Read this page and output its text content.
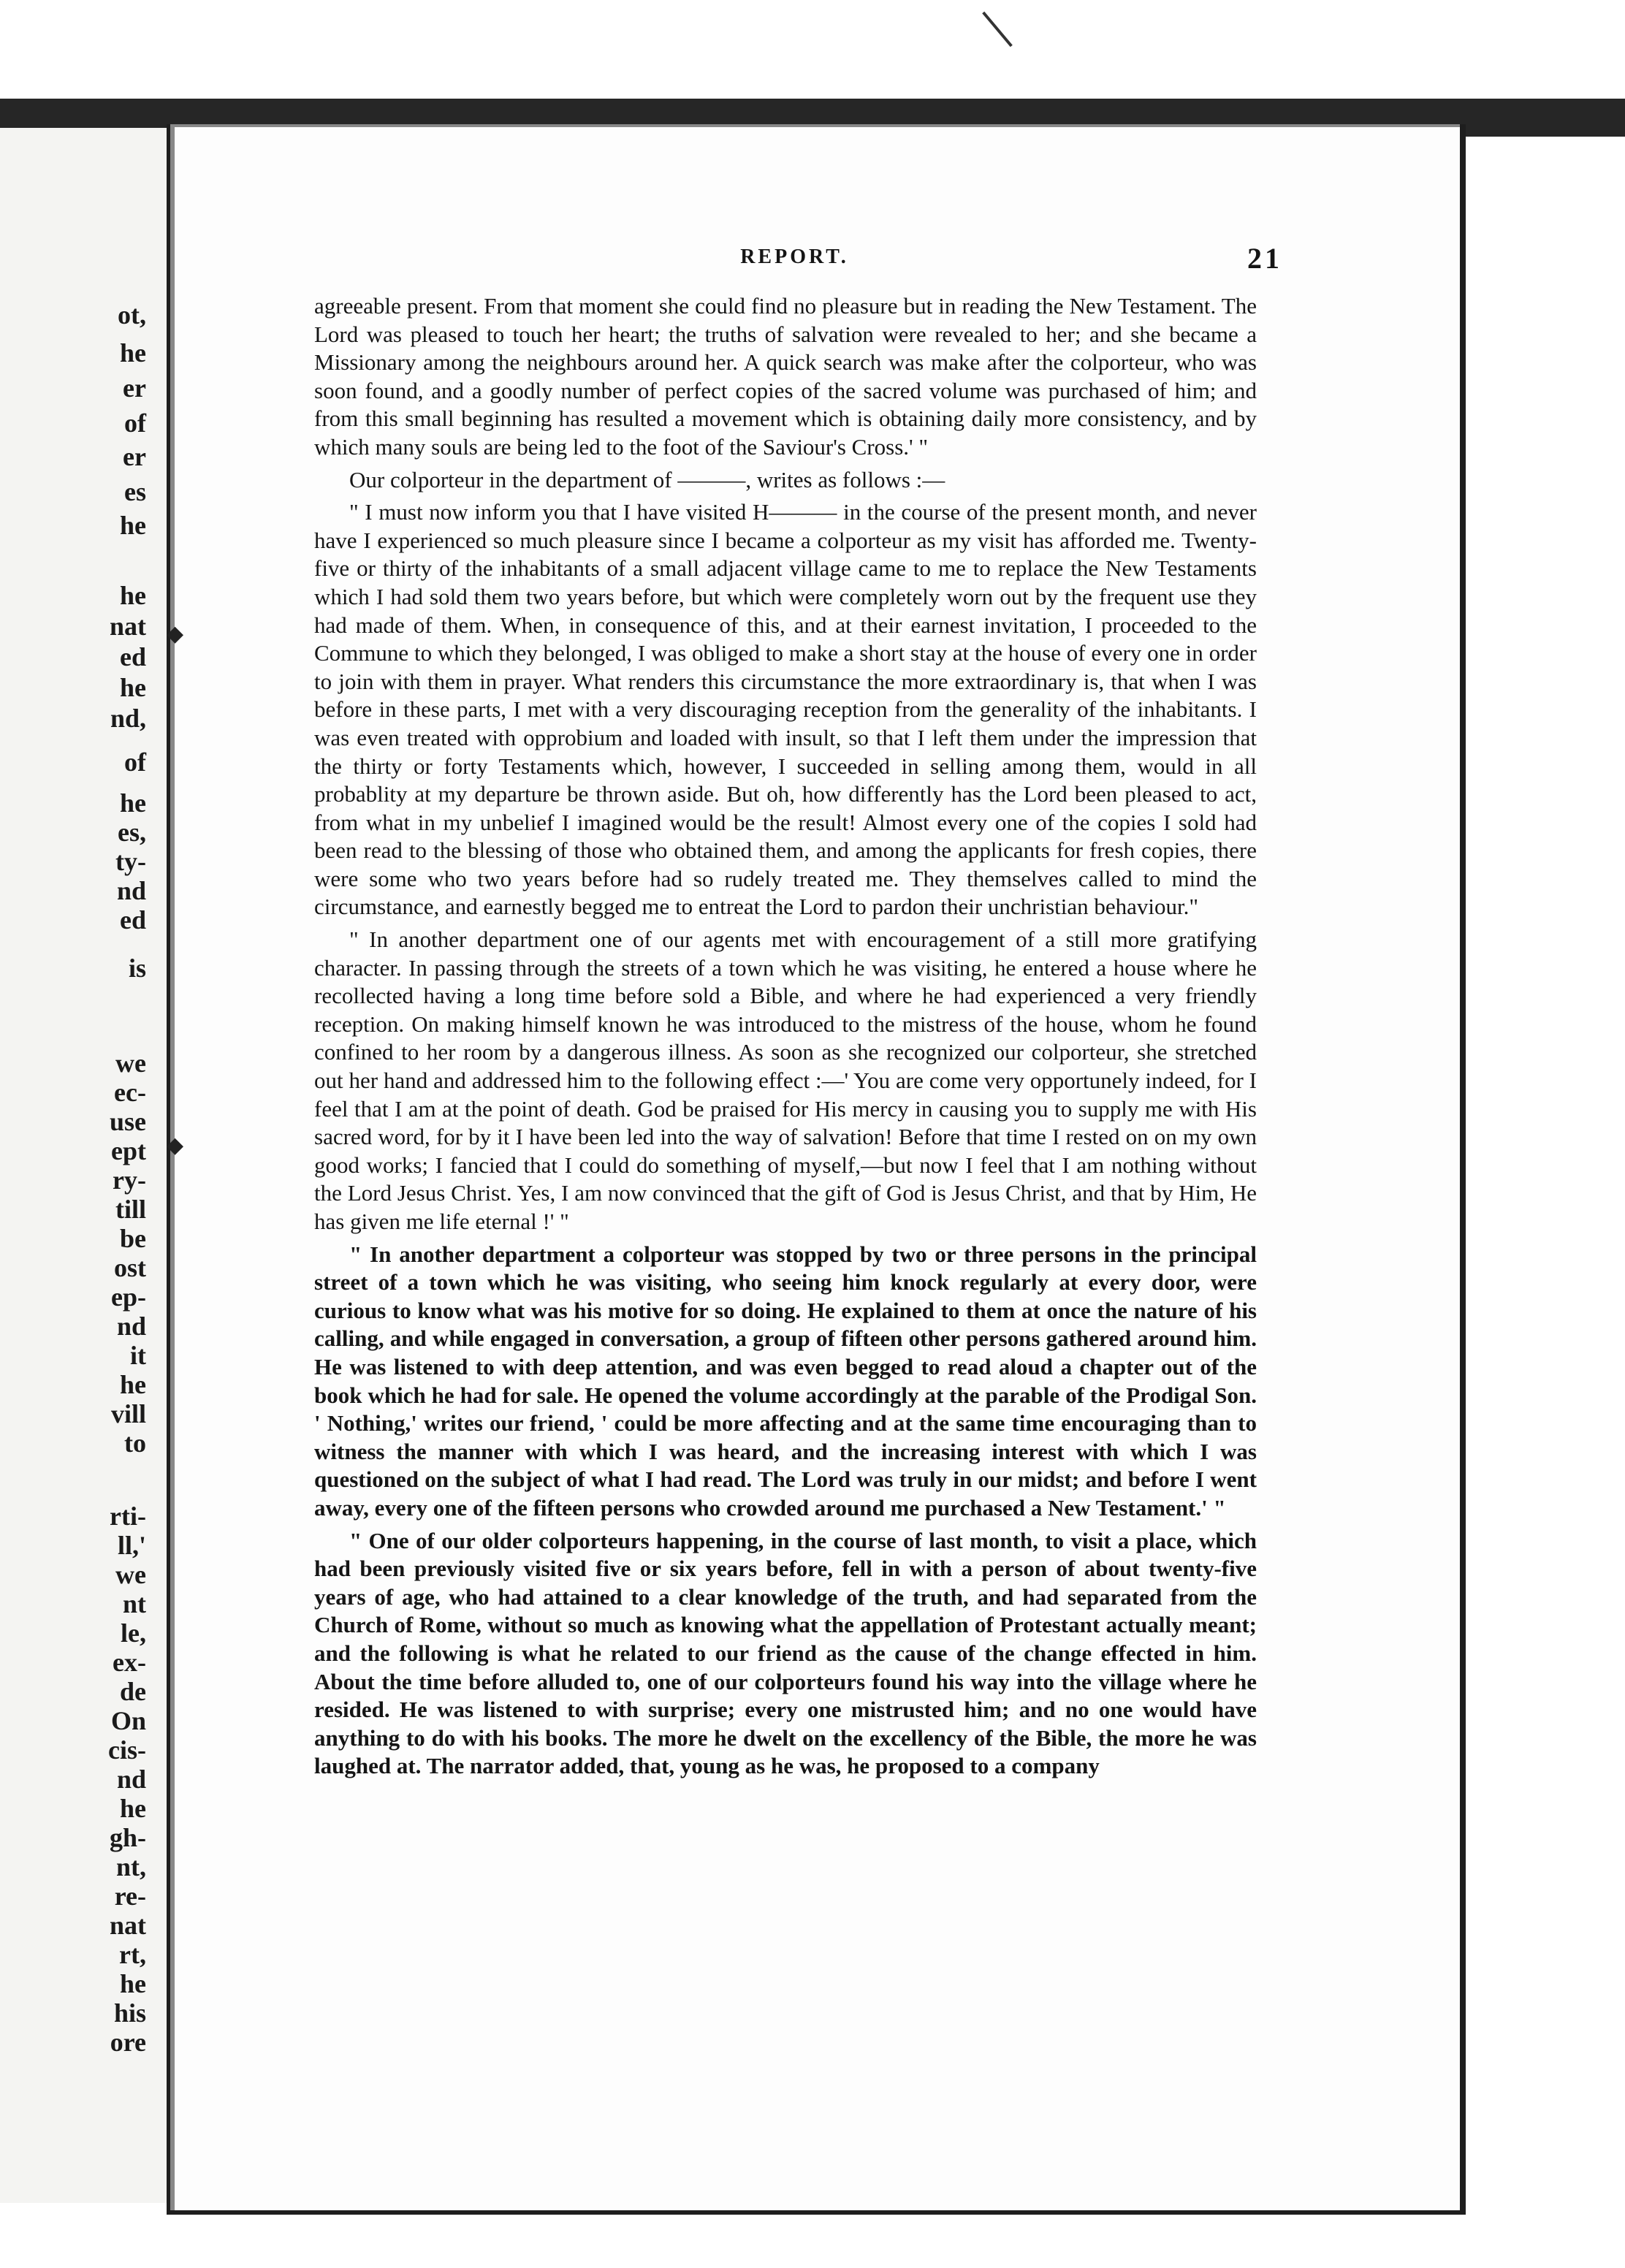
ot,
he
er
of
er
es
he
he
nat
ed
he
nd,
of
he
es,
ty-
nd
ed
is
we
ec-
use
ept
ry-
till
be
ost
ep-
nd
it
he
vill
to
rti-
ll,'
we
nt
le,
ex-
de
On
cis-
nd
he
gh-
nt,
re-
nat
rt,
he
his
ore
◆
◆
REPORT.	21

agreeable present. From that moment she could find no pleasure but in reading the New Testament. The Lord was pleased to touch her heart; the truths of salvation were revealed to her; and she became a Missionary among the neighbours around her. A quick search was make after the colporteur, who was soon found, and a goodly number of perfect copies of the sacred volume was purchased of him; and from this small beginning has resulted a movement which is obtaining daily more consistency, and by which many souls are being led to the foot of the Saviour's Cross.' "

Our colporteur in the department of ———, writes as follows :—

" I must now inform you that I have visited H——— in the course of the present month, and never have I experienced so much pleasure since I became a colporteur as my visit has afforded me. Twenty-five or thirty of the inhabitants of a small adjacent village came to me to replace the New Testaments which I had sold them two years before, but which were completely worn out by the frequent use they had made of them. When, in consequence of this, and at their earnest invitation, I proceeded to the Commune to which they belonged, I was obliged to make a short stay at the house of every one in order to join with them in prayer. What renders this circumstance the more extraordinary is, that when I was before in these parts, I met with a very discouraging reception from the generality of the inhabitants. I was even treated with opprobium and loaded with insult, so that I left them under the impression that the thirty or forty Testaments which, however, I succeeded in selling among them, would in all probablity at my departure be thrown aside. But oh, how differently has the Lord been pleased to act, from what in my unbelief I imagined would be the result! Almost every one of the copies I sold had been read to the blessing of those who obtained them, and among the applicants for fresh copies, there were some who two years before had so rudely treated me. They themselves called to mind the circumstance, and earnestly begged me to entreat the Lord to pardon their unchristian behaviour."

" In another department one of our agents met with encouragement of a still more gratifying character. In passing through the streets of a town which he was visiting, he entered a house where he recollected having a long time before sold a Bible, and where he had experienced a very friendly reception. On making himself known he was introduced to the mistress of the house, whom he found confined to her room by a dangerous illness. As soon as she recognized our colporteur, she stretched out her hand and addressed him to the following effect :—' You are come very opportunely indeed, for I feel that I am at the point of death. God be praised for His mercy in causing you to supply me with His sacred word, for by it I have been led into the way of salvation! Before that time I rested on on my own good works; I fancied that I could do something of myself,—but now I feel that I am nothing without the Lord Jesus Christ. Yes, I am now convinced that the gift of God is Jesus Christ, and that by Him, He has given me life eternal !' "

" In another department a colporteur was stopped by two or three persons in the principal street of a town which he was visiting, who seeing him knock regularly at every door, were curious to know what was his motive for so doing. He explained to them at once the nature of his calling, and while engaged in conversation, a group of fifteen other persons gathered around him. He was listened to with deep attention, and was even begged to read aloud a chapter out of the book which he had for sale. He opened the volume accordingly at the parable of the Prodigal Son. ' Nothing,' writes our friend, ' could be more affecting and at the same time encouraging than to witness the manner with which I was heard, and the increasing interest with which I was questioned on the subject of what I had read. The Lord was truly in our midst; and before I went away, every one of the fifteen persons who crowded around me purchased a New Testament.' "

" One of our older colporteurs happening, in the course of last month, to visit a place, which had been previously visited five or six years before, fell in with a person of about twenty-five years of age, who had attained to a clear knowledge of the truth, and had separated from the Church of Rome, without so much as knowing what the appellation of Protestant actually meant; and the following is what he related to our friend as the cause of the change effected in him. About the time before alluded to, one of our colporteurs found his way into the village where he resided. He was listened to with surprise; every one mistrusted him; and no one would have anything to do with his books. The more he dwelt on the excellency of the Bible, the more he was laughed at. The narrator added, that, young as he was, he proposed to a company
